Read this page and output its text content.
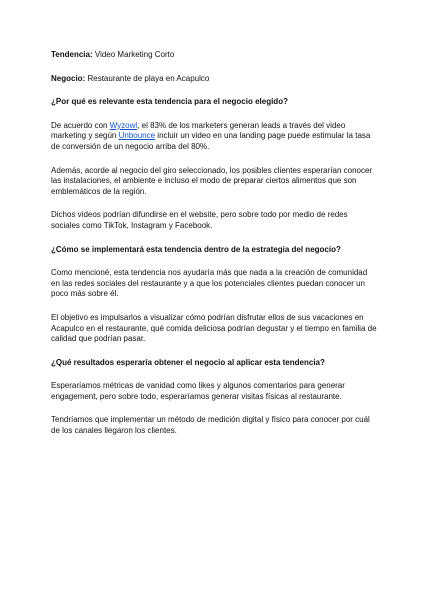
Tendencia: Video Marketing Corto
Negocio: Restaurante de playa en Acapulco

¿Por qué es relevante esta tendencia para el negocio elegido?

De acuerdo con Wyzowl, el 83% de los marketers generan leads a través del video marketing y según Unbounce incluir un video en una landing page puede estimular la tasa de conversión de un negocio arriba del 80%.

Además, acorde al negocio del giro seleccionado, los posibles clientes esperarían conocer las instalaciones, el ambiente e incluso el modo de preparar ciertos alimentos que son emblemáticos de la región.

Dichos videos podrían difundirse en el website, pero sobre todo por medio de redes sociales como TikTok, Instagram y Facebook.

¿Cómo se implementará esta tendencia dentro de la estrategia del negocio?

Como mencioné, esta tendencia nos ayudaría más que nada a la creación de comunidad en las redes sociales del restaurante y a que los potenciales clientes puedan conocer un poco más sobre él.

El objetivo es impulsarlos a visualizar cómo podrían disfrutar ellos de sus vacaciones en Acapulco en el restaurante, qué comida deliciosa podrían degustar y el tiempo en familia de calidad que podrían pasar.

¿Qué resultados esperaría obtener el negocio al aplicar esta tendencia?

Esperaríamos métricas de vanidad como likes y algunos comentarios para generar engagement, pero sobre todo, esperaríamos generar visitas físicas al restaurante.

Tendríamos que implementar un método de medición digital y físico para conocer por cuál de los canales llegaron los clientes.
